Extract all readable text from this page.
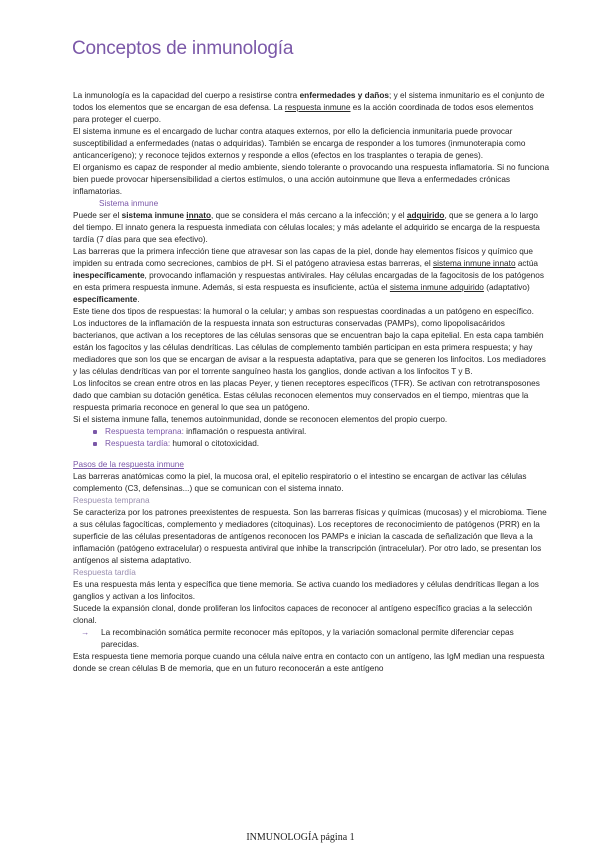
Conceptos de inmunología

La inmunología es la capacidad del cuerpo a resistirse contra enfermedades y daños; y el sistema inmunitario es el conjunto de todos los elementos que se encargan de esa defensa. La respuesta inmune es la acción coordinada de todos esos elementos para proteger el cuerpo.

El sistema inmune es el encargado de luchar contra ataques externos, por ello la deficiencia inmunitaria puede provocar susceptibilidad a enfermedades (natas o adquiridas). También se encarga de responder a los tumores (inmunoterapia como anticancerígeno); y reconoce tejidos externos y responde a ellos (efectos en los trasplantes o terapia de genes).

El organismo es capaz de responder al medio ambiente, siendo tolerante o provocando una respuesta inflamatoria. Si no funciona bien puede provocar hipersensibilidad a ciertos estímulos, o una acción autoinmune que lleva a enfermedades crónicas inflamatorias.

Sistema inmune

Puede ser el sistema inmune innato, que se considera el más cercano a la infección; y el adquirido, que se genera a lo largo del tiempo. El innato genera la respuesta inmediata con células locales; y más adelante el adquirido se encarga de la respuesta tardía (7 días para que sea efectivo).

Las barreras que la primera infección tiene que atravesar son las capas de la piel, donde hay elementos físicos y químico que impiden su entrada como secreciones, cambios de pH. Si el patógeno atraviesa estas barreras, el sistema inmune innato actúa inespecíficamente, provocando inflamación y respuestas antivirales. Hay células encargadas de la fagocitosis de los patógenos en esta primera respuesta inmune. Además, si esta respuesta es insuficiente, actúa el sistema inmune adquirido (adaptativo) específicamente.

Este tiene dos tipos de respuestas: la humoral o la celular; y ambas son respuestas coordinadas a un patógeno en específico.

Los inductores de la inflamación de la respuesta innata son estructuras conservadas (PAMPs), como lipopolisacáridos bacterianos, que activan a los receptores de las células sensoras que se encuentran bajo la capa epitelial. En esta capa también están los fagocitos y las células dendríticas. Las células de complemento también participan en esta primera respuesta; y hay mediadores que son los que se encargan de avisar a la respuesta adaptativa, para que se generen los linfocitos. Los mediadores y las células dendríticas van por el torrente sanguíneo hasta los ganglios, donde activan a los linfocitos T y B.

Los linfocitos se crean entre otros en las placas Peyer, y tienen receptores específicos (TFR). Se activan con retrotransposones dado que cambian su dotación genética. Estas células reconocen elementos muy conservados en el tiempo, mientras que la respuesta primaria reconoce en general lo que sea un patógeno.

Si el sistema inmune falla, tenemos autoinmunidad, donde se reconocen elementos del propio cuerpo.

Respuesta temprana: inflamación o respuesta antiviral.
Respuesta tardía: humoral o citotoxicidad.

Pasos de la respuesta inmune

Las barreras anatómicas como la piel, la mucosa oral, el epitelio respiratorio o el intestino se encargan de activar las células complemento (C3, defensinas...) que se comunican con el sistema innato.

Respuesta temprana

Se caracteriza por los patrones preexistentes de respuesta. Son las barreras físicas y químicas (mucosas) y el microbioma. Tiene a sus células fagocíticas, complemento y mediadores (citoquinas). Los receptores de reconocimiento de patógenos (PRR) en la superficie de las células presentadoras de antígenos reconocen los PAMPs e inician la cascada de señalización que lleva a la inflamación (patógeno extracelular) o respuesta antiviral que inhibe la transcripción (intracelular). Por otro lado, se presentan los antígenos al sistema adaptativo.

Respuesta tardía

Es una respuesta más lenta y específica que tiene memoria. Se activa cuando los mediadores y células dendríticas llegan a los ganglios y activan a los linfocitos.

Sucede la expansión clonal, donde proliferan los linfocitos capaces de reconocer al antígeno específico gracias a la selección clonal.

→ La recombinación somática permite reconocer más epítopos, y la variación somaclonal permite diferenciar cepas parecidas.

Esta respuesta tiene memoria porque cuando una célula naive entra en contacto con un antígeno, las IgM median una respuesta donde se crean células B de memoria, que en un futuro reconocerán a este antígeno

INMUNOLOGÍA página 1
